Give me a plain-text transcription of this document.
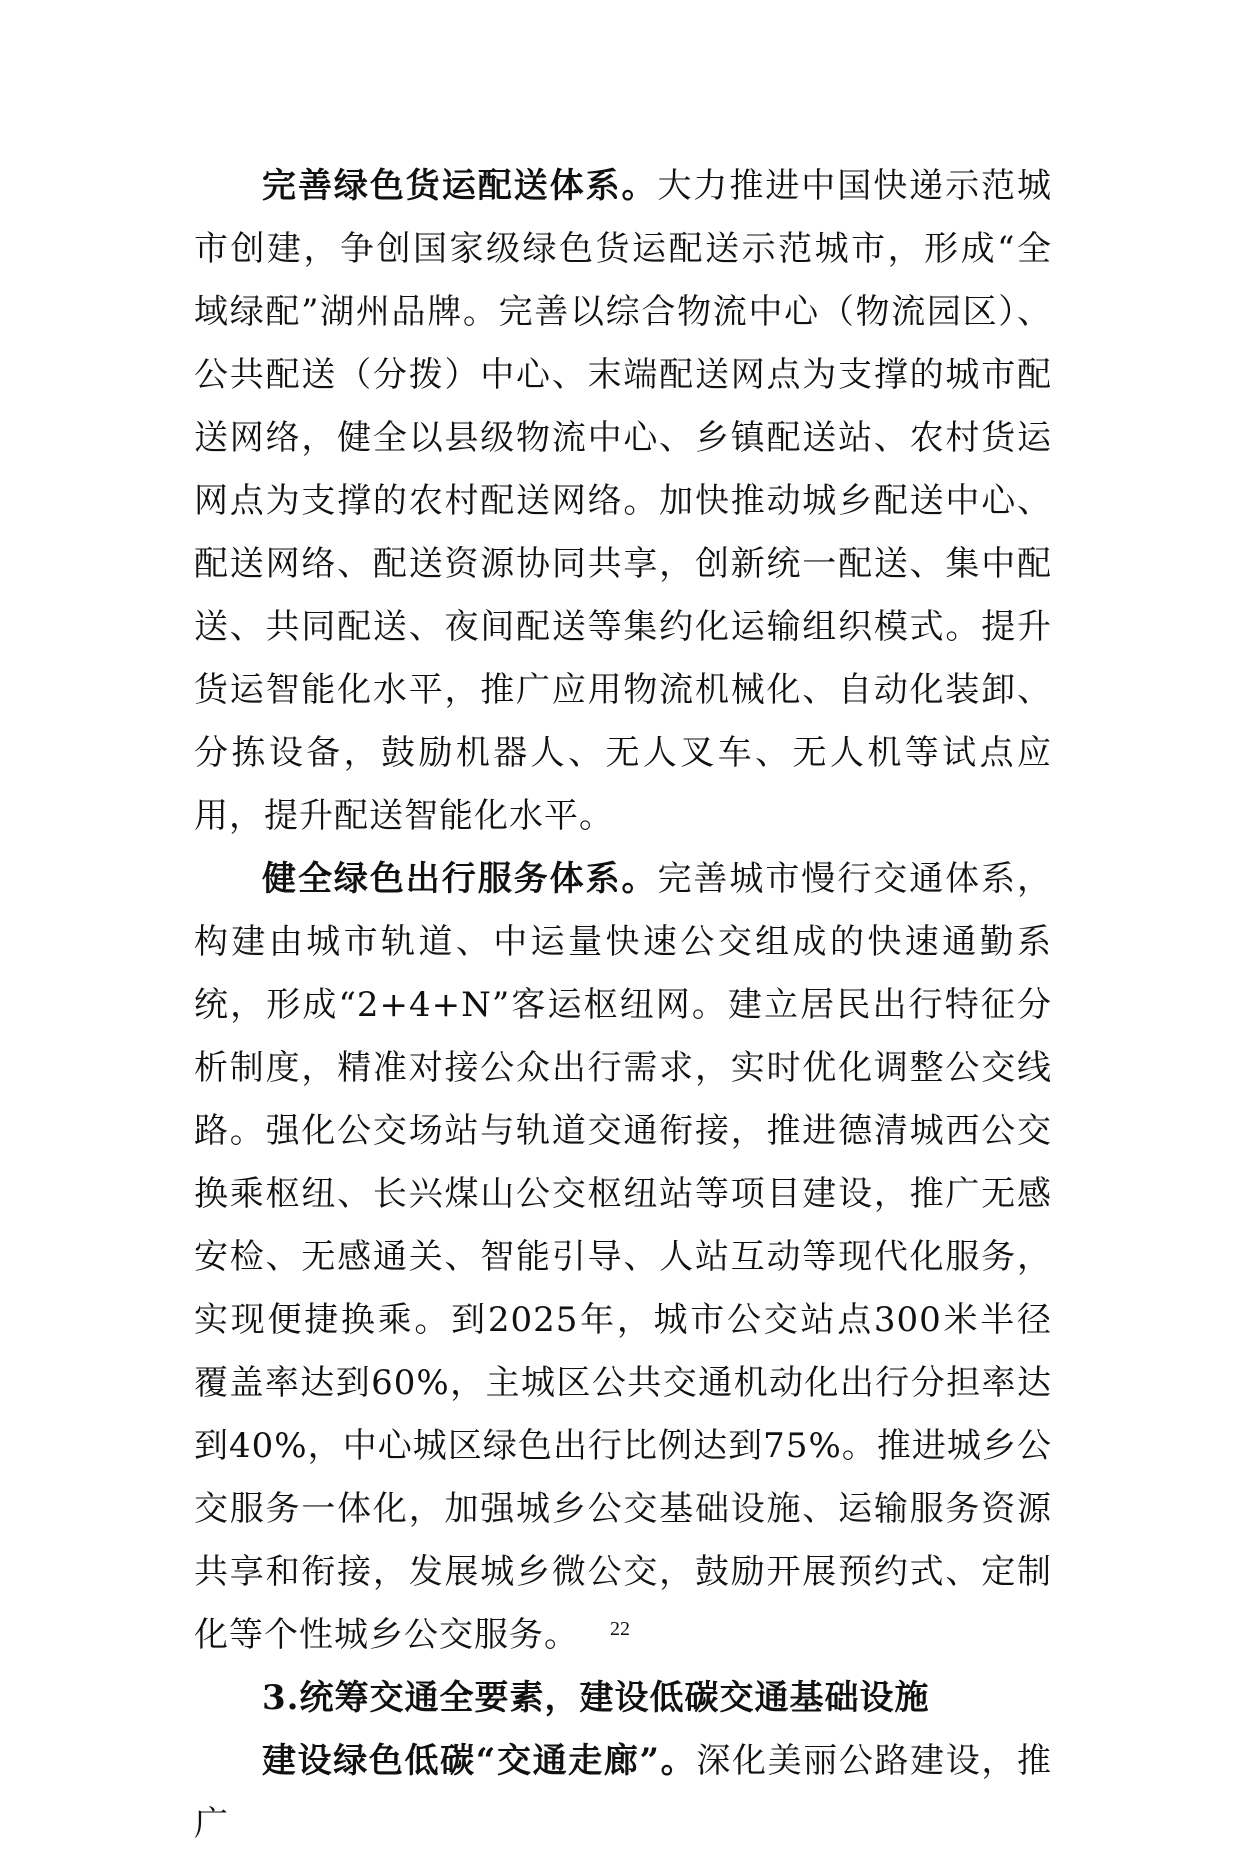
完善绿色货运配送体系。大力推进中国快递示范城市创建，争创国家级绿色货运配送示范城市，形成“全域绿配”湖州品牌。完善以综合物流中心（物流园区）、公共配送（分拨）中心、末端配送网点为支撑的城市配送网络，健全以县级物流中心、乡镇配送站、农村货运网点为支撑的农村配送网络。加快推动城乡配送中心、配送网络、配送资源协同共享，创新统一配送、集中配送、共同配送、夜间配送等集约化运输组织模式。提升货运智能化水平，推广应用物流机械化、自动化装卸、分拣设备，鼓励机器人、无人叉车、无人机等试点应用，提升配送智能化水平。

健全绿色出行服务体系。完善城市慢行交通体系，构建由城市轨道、中运量快速公交组成的快速通勤系统，形成“2+4+N”客运枢纽网。建立居民出行特征分析制度，精准对接公众出行需求，实时优化调整公交线路。强化公交场站与轨道交通衔接，推进德清城西公交换乘枢纽、长兴煤山公交枢纽站等项目建设，推广无感安检、无感通关、智能引导、人站互动等现代化服务，实现便捷换乘。到2025年，城市公交站点300米半径覆盖率达到60%，主城区公共交通机动化出行分担率达到40%，中心城区绿色出行比例达到75%。推进城乡公交服务一体化，加强城乡公交基础设施、运输服务资源共享和衔接，发展城乡微公交，鼓励开展预约式、定制化等个性城乡公交服务。

3.统筹交通全要素，建设低碳交通基础设施

建设绿色低碳“交通走廊”。深化美丽公路建设，推广

22
